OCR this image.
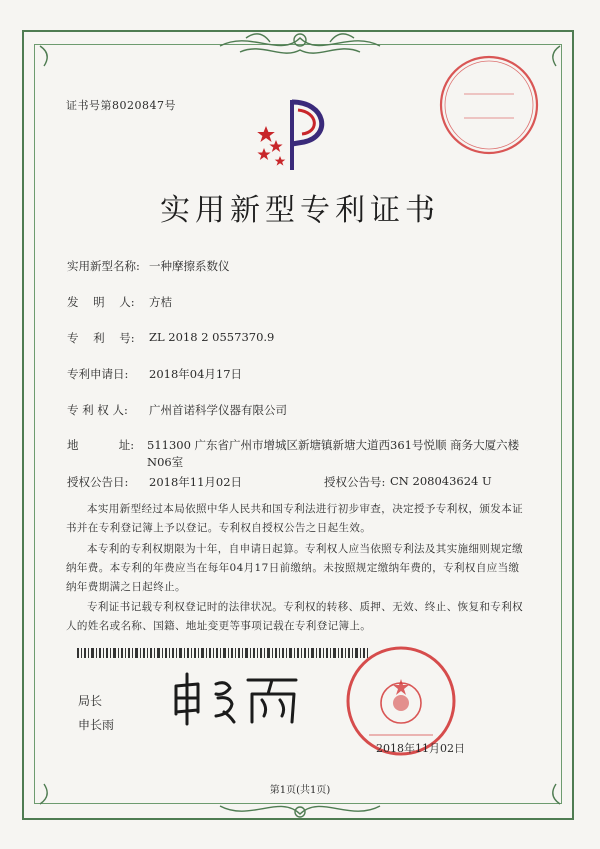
证书号第8020847号
实用新型专利证书
实用新型名称: 一种摩擦系数仪
发    明    人: 方桔
专    利    号: ZL 2018 2 0557370.9
专利申请日: 2018年04月17日
专 利 权 人: 广州首诺科学仪器有限公司
地           址: 511300 广东省广州市增城区新塘镇新塘大道西361号悦顺 商务大厦六楼N06室
授权公告日: 2018年11月02日	授权公告号: CN 208043624 U
本实用新型经过本局依照中华人民共和国专利法进行初步审查，决定授予专利权，颁发本证书并在专利登记簿上予以登记。专利权自授权公告之日起生效。
本专利的专利权期限为十年，自申请日起算。专利权人应当依照专利法及其实施细则规定缴纳年费。本专利的年费应当在每年04月17日前缴纳。未按照规定缴纳年费的，专利权自应当缴纳年费期满之日起终止。
专利证书记载专利权登记时的法律状况。专利权的转移、质押、无效、终止、恢复和专利权人的姓名或名称、国籍、地址变更等事项记载在专利登记簿上。
局长
申长雨
2018年11月02日
第1页(共1页)
